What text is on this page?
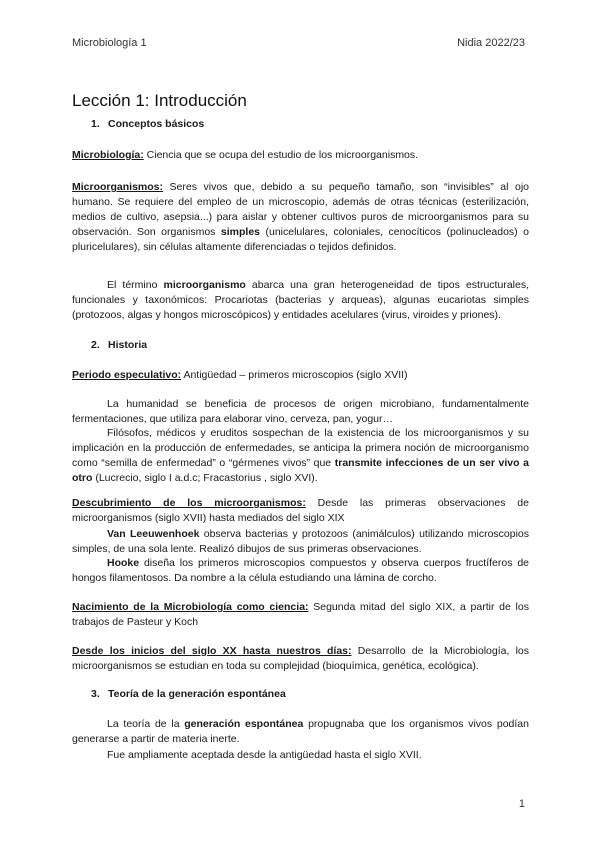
Microbiología 1	Nidia 2022/23
Lección 1: Introducción
1. Conceptos básicos

Microbiología: Ciencia que se ocupa del estudio de los microorganismos.

Microorganismos: Seres vivos que, debido a su pequeño tamaño, son “invisibles” al ojo humano. Se requiere del empleo de un microscopio, además de otras técnicas (esterilización, medios de cultivo, asepsia...) para aislar y obtener cultivos puros de microorganismos para su observación. Son organismos simples (unicelulares, coloniales, cenocíticos (polinucleados) o pluricelulares), sin células altamente diferenciadas o tejidos definidos.

El término microorganismo abarca una gran heterogeneidad de tipos estructurales, funcionales y taxonómicos: Procariotas (bacterias y arqueas), algunas eucariotas simples (protozoos, algas y hongos microscópicos) y entidades acelulares (virus, viroides y priones).

2. Historia

Periodo especulativo: Antigüedad – primeros microscopios (siglo XVII)

La humanidad se beneficia de procesos de origen microbiano, fundamentalmente fermentaciones, que utiliza para elaborar vino, cerveza, pan, yogur…

Filósofos, médicos y eruditos sospechan de la existencia de los microorganismos y su implicación en la producción de enfermedades, se anticipa la primera noción de microorganismo como “semilla de enfermedad” o “gérmenes vivos” que transmite infecciones de un ser vivo a otro (Lucrecio, siglo I a.d.c; Fracastorius , siglo XVI).

Descubrimiento de los microorganismos: Desde las primeras observaciones de microorganismos (siglo XVII) hasta mediados del siglo XIX

Van Leeuwenhoek observa bacterias y protozoos (animálculos) utilizando microscopios simples, de una sola lente. Realizó dibujos de sus primeras observaciones.

Hooke diseña los primeros microscopios compuestos y observa cuerpos fructíferos de hongos filamentosos. Da nombre a la célula estudiando una lámina de corcho.

Nacimiento de la Microbiología como ciencia: Segunda mitad del siglo XIX, a partir de los trabajos de Pasteur y Koch

Desde los inicios del siglo XX hasta nuestros días: Desarrollo de la Microbiología, los microorganismos se estudian en toda su complejidad (bioquímica, genética, ecológica).

3. Teoría de la generación espontánea

La teoría de la generación espontánea propugnaba que los organismos vivos podían generarse a partir de materia inerte.

Fue ampliamente aceptada desde la antigüedad hasta el siglo XVII.

1
